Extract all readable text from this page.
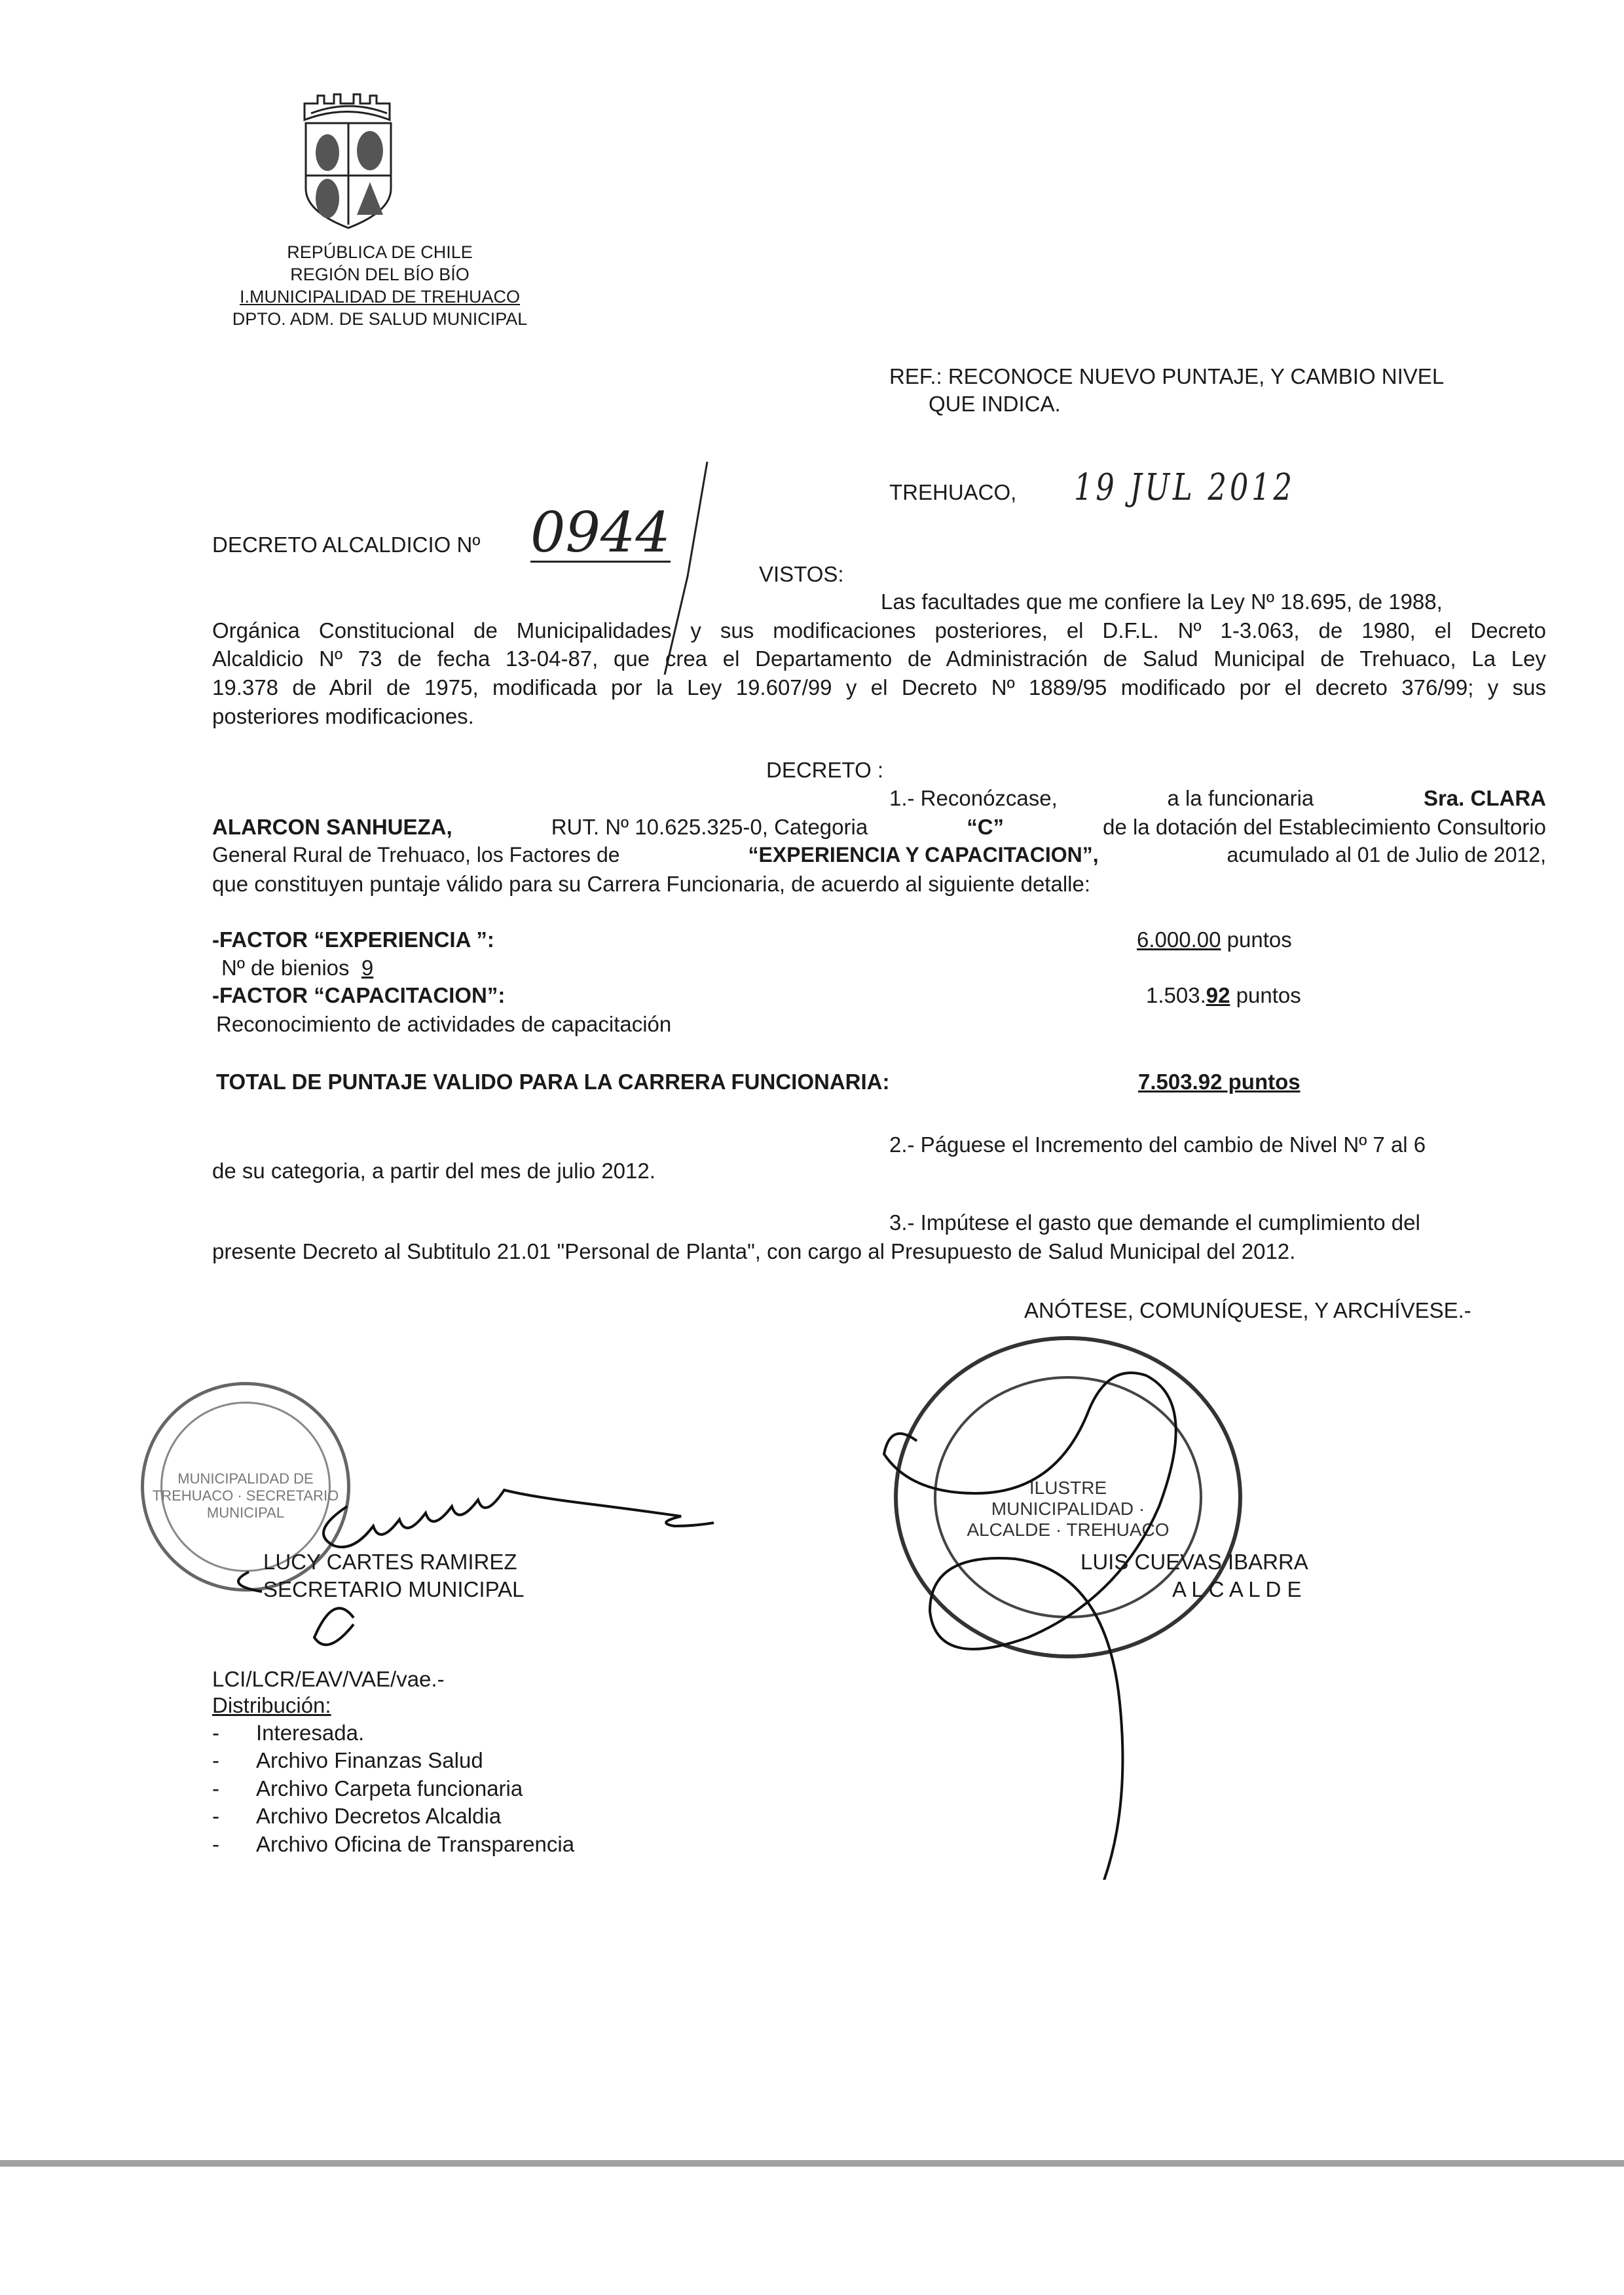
REPÚBLICA DE CHILE
REGIÓN DEL BÍO BÍO
I.MUNICIPALIDAD DE TREHUACO
DPTO. ADM. DE SALUD MUNICIPAL
REF.: RECONOCE NUEVO PUNTAJE, Y CAMBIO NIVEL
QUE INDICA.
TREHUACO, 19 JUL 2012
DECRETO ALCALDICIO Nº 0944
VISTOS:
Las facultades que me confiere la Ley Nº 18.695, de 1988,
Orgánica Constitucional de Municipalidades y sus modificaciones posteriores, el D.F.L. Nº 1-3.063, de 1980, el Decreto
Alcaldicio Nº 73 de fecha 13-04-87, que crea el Departamento de Administración de Salud Municipal de Trehuaco, La Ley
19.378 de Abril de 1975, modificada por la Ley 19.607/99 y el Decreto Nº 1889/95 modificado por el decreto 376/99; y sus
posteriores modificaciones.
DECRETO :
1.- Reconózcase,	a la funcionaria	Sra. CLARA
ALARCON SANHUEZA,	RUT. Nº 10.625.325-0, Categoria	“C”	de la dotación del Establecimiento Consultorio
General Rural de Trehuaco, los Factores de	“EXPERIENCIA Y CAPACITACION”,	acumulado al 01 de Julio de 2012,
que constituyen puntaje válido para su Carrera Funcionaria, de acuerdo al siguiente detalle:
-FACTOR “EXPERIENCIA ”:	6.000.00 puntos
Nº de bienios 9
-FACTOR “CAPACITACION”:	1.503.92 puntos
Reconocimiento de actividades de capacitación
TOTAL DE PUNTAJE VALIDO PARA LA CARRERA FUNCIONARIA:	7.503.92 puntos
2.- Páguese el Incremento del cambio de Nivel Nº 7 al 6
de su categoria, a partir del mes de julio 2012.
3.- Impútese el gasto que demande el cumplimiento del
presente Decreto al Subtitulo 21.01 "Personal de Planta", con cargo al Presupuesto de Salud Municipal del 2012.
ANÓTESE, COMUNÍQUESE, Y ARCHÍVESE.-
MUNICIPALIDAD DE TREHUACO · SECRETARIO MUNICIPAL
ILUSTRE MUNICIPALIDAD · ALCALDE · TREHUACO
LUCY CARTES RAMIREZ
SECRETARIO MUNICIPAL
LUIS CUEVAS IBARRA
A L C A L D E
LCI/LCR/EAV/VAE/vae.-
Distribución:
- Interesada.
- Archivo Finanzas Salud
- Archivo Carpeta funcionaria
- Archivo Decretos Alcaldia
- Archivo Oficina de Transparencia
